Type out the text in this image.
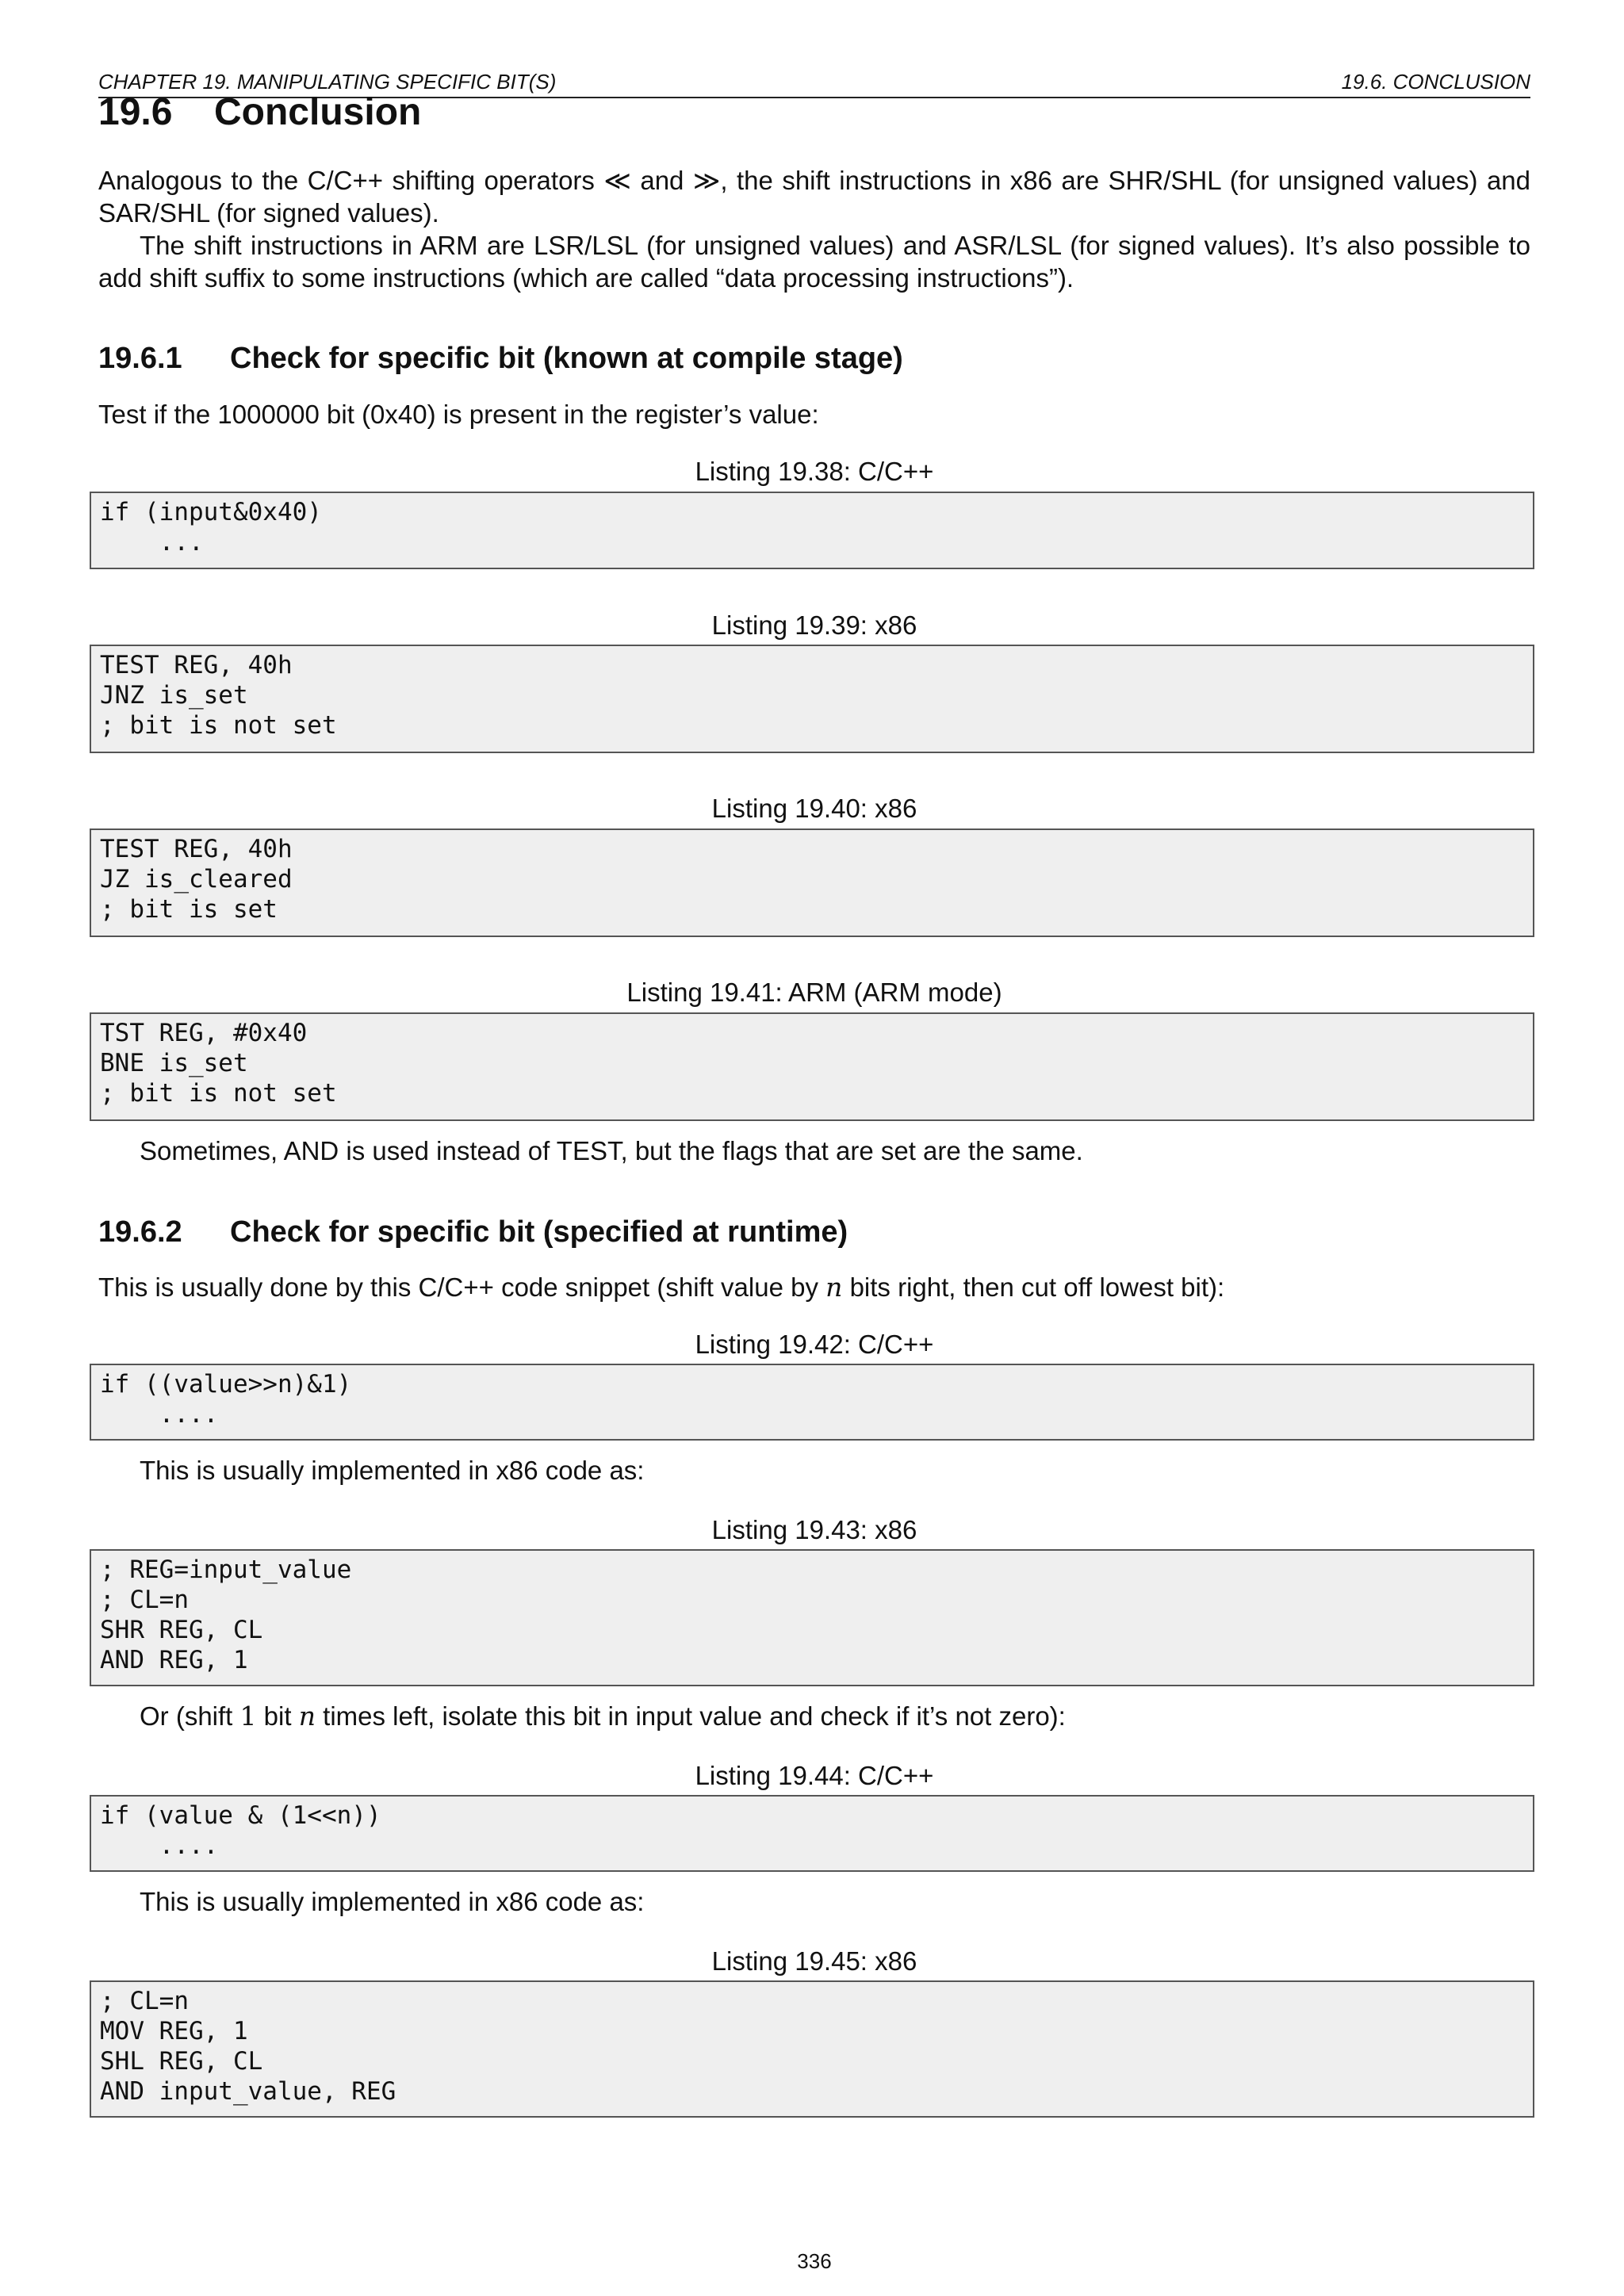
CHAPTER 19. MANIPULATING SPECIFIC BIT(S)	19.6. CONCLUSION
19.6 Conclusion

Analogous to the C/C++ shifting operators ≪ and ≫, the shift instructions in x86 are SHR/SHL (for unsigned values) and SAR/SHL (for signed values).

The shift instructions in ARM are LSR/LSL (for unsigned values) and ASR/LSL (for signed values). It’s also possible to add shift suffix to some instructions (which are called “data processing instructions”).

19.6.1 Check for specific bit (known at compile stage)

Test if the 1000000 bit (0x40) is present in the register’s value:

Listing 19.38: C/C++
if (input&0x40)
...
Listing 19.39: x86
TEST REG, 40h
JNZ is_set
; bit is not set
Listing 19.40: x86
TEST REG, 40h
JZ is_cleared
; bit is set
Listing 19.41: ARM (ARM mode)
TST REG, #0x40
BNE is_set
; bit is not set

Sometimes, AND is used instead of TEST, but the flags that are set are the same.

19.6.2 Check for specific bit (specified at runtime)

This is usually done by this C/C++ code snippet (shift value by n bits right, then cut off lowest bit):

Listing 19.42: C/C++
if ((value>>n)&1)
....

This is usually implemented in x86 code as:

Listing 19.43: x86
; REG=input_value
; CL=n
SHR REG, CL
AND REG, 1

Or (shift 1 bit n times left, isolate this bit in input value and check if it’s not zero):

Listing 19.44: C/C++
if (value & (1<<n))
....

This is usually implemented in x86 code as:

Listing 19.45: x86
; CL=n
MOV REG, 1
SHL REG, CL
AND input_value, REG
336
